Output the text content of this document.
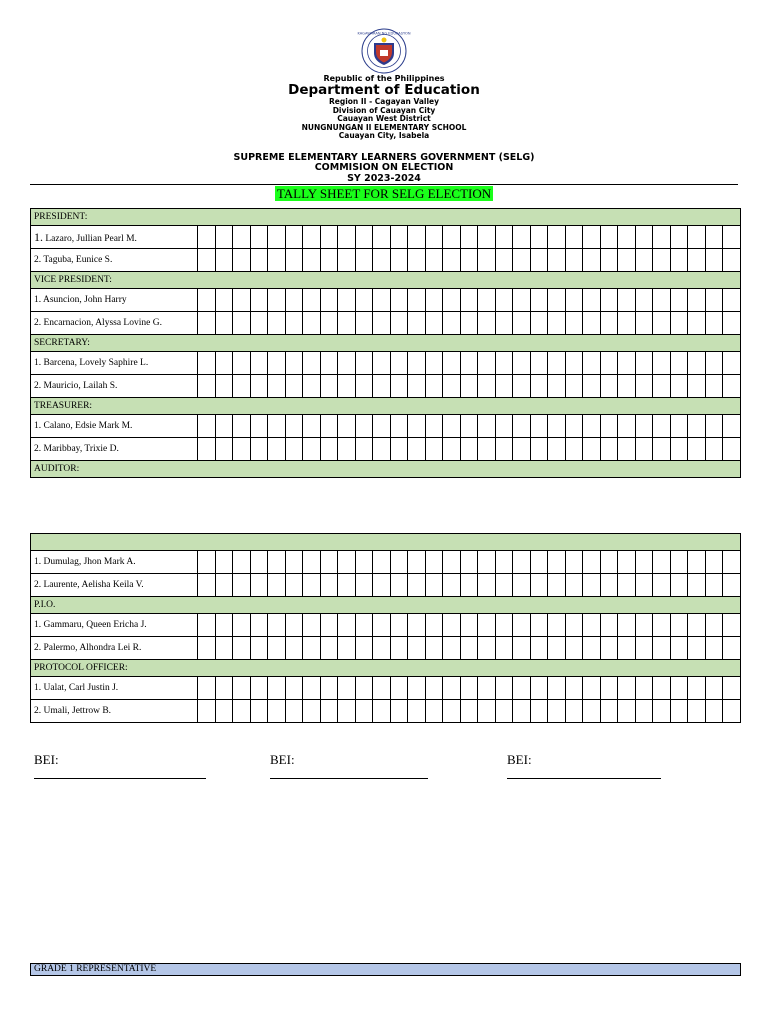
KAGAWARAN NG EDUKASYON
Republic of the Philippines
Department of Education
Region II - Cagayan Valley
Division of Cauayan City
Cauayan West District
NUNGNUNGAN II ELEMENTARY SCHOOL
Cauayan City, Isabela
SUPREME ELEMENTARY LEARNERS GOVERNMENT (SELG)
COMMISION ON ELECTION
SY 2023-2024
TALLY SHEET FOR SELG ELECTION
PRESIDENT:																															
1. Lazaro, Jullian Pearl M.																															
2. Taguba, Eunice S.																															
VICE PRESIDENT:																															
1. Asuncion, John Harry																															
2. Encarnacion, Alyssa Lovine G.																															
SECRETARY:																															
1. Barcena, Lovely Saphire L.																															
2. Mauricio, Lailah S.																															
TREASURER:																															
1. Calano, Edsie Mark M.																															
2. Maribbay, Trixie D.																															
AUDITOR:																															

1. Dumulag, Jhon Mark A.																															
2. Laurente, Aelisha Keila V.																															
P.I.O.																															
1. Gammaru, Queen Ericha J.																															
2. Palermo, Alhondra Lei R.																															
PROTOCOL OFFICER:																															
1. Ualat, Carl Justin J.																															
2. Umali, Jettrow B.																															
BEI:	BEI:	BEI:
GRADE 1 REPRESENTATIVE
